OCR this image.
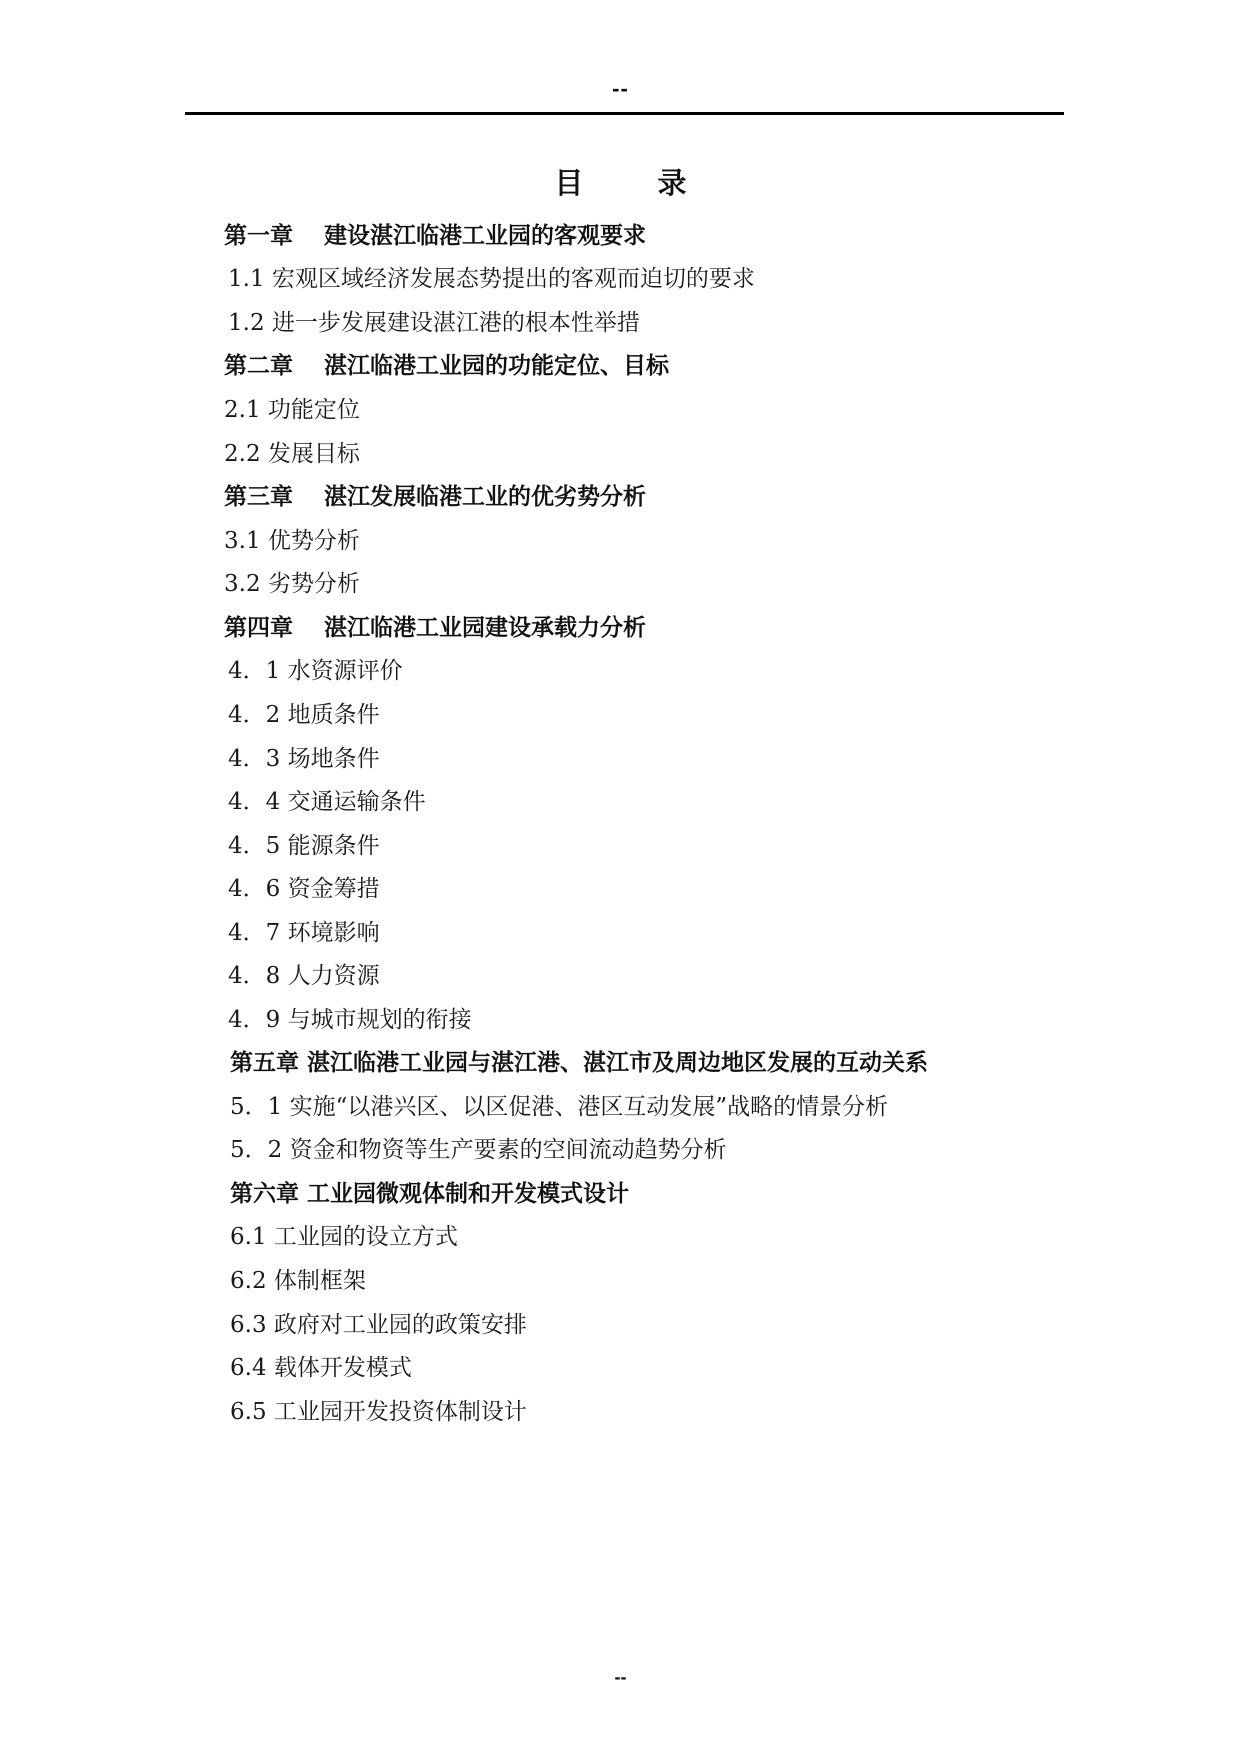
--
目	录
第一章　 建设湛江临港工业园的客观要求
1.1 宏观区域经济发展态势提出的客观而迫切的要求
1.2 进一步发展建设湛江港的根本性举措
第二章　 湛江临港工业园的功能定位、目标
2.1 功能定位
2.2 发展目标
第三章　 湛江发展临港工业的优劣势分析
3.1 优势分析
3.2 劣势分析
第四章　 湛江临港工业园建设承载力分析
4．1 水资源评价
4．2 地质条件
4．3 场地条件
4．4 交通运输条件
4．5 能源条件
4．6 资金筹措
4．7 环境影响
4．8 人力资源
4．9 与城市规划的衔接
第五章 湛江临港工业园与湛江港、湛江市及周边地区发展的互动关系
5．1 实施“以港兴区、以区促港、港区互动发展”战略的情景分析
5．2 资金和物资等生产要素的空间流动趋势分析
第六章 工业园微观体制和开发模式设计
6.1 工业园的设立方式
6.2 体制框架
6.3 政府对工业园的政策安排
6.4 载体开发模式
6.5 工业园开发投资体制设计
--
